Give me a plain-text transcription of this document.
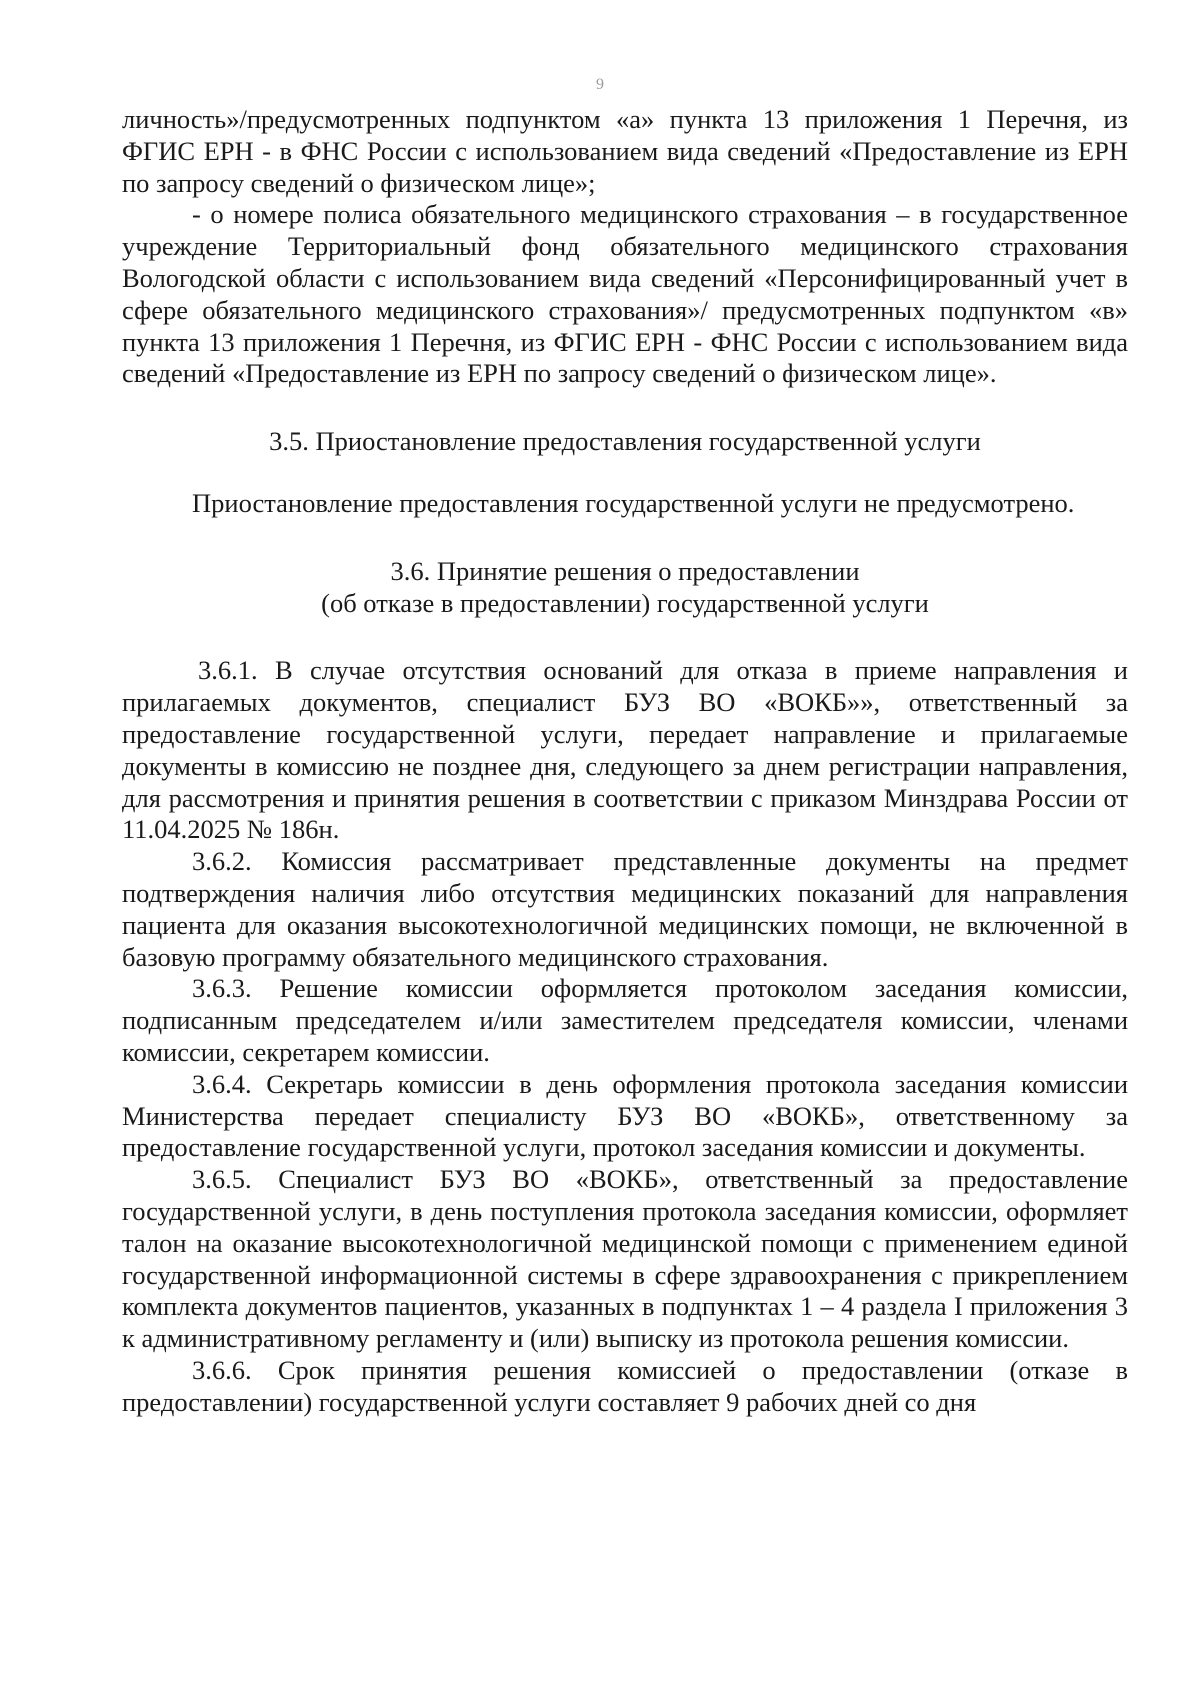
9

личность»/предусмотренных подпунктом «а» пункта 13 приложения 1 Перечня, из ФГИС ЕРН - в ФНС России с использованием вида сведений «Предоставление из ЕРН по запросу сведений о физическом лице»;

- о номере полиса обязательного медицинского страхования – в государственное учреждение Территориальный фонд обязательного медицинского страхования Вологодской области с использованием вида сведений «Персонифицированный учет в сфере обязательного медицинского страхования»/ предусмотренных подпунктом «в» пункта 13 приложения 1 Перечня, из ФГИС ЕРН - ФНС России с использованием вида сведений «Предоставление из ЕРН по запросу сведений о физическом лице».

3.5. Приостановление предоставления государственной услуги

Приостановление предоставления государственной услуги не предусмотрено.

3.6. Принятие решения о предоставлении

(об отказе в предоставлении) государственной услуги

3.6.1. В случае отсутствия оснований для отказа в приеме направления и прилагаемых документов, специалист БУЗ ВО «ВОКБ»», ответственный за предоставление государственной услуги, передает направление и прилагаемые документы в комиссию не позднее дня, следующего за днем регистрации направления, для рассмотрения и принятия решения в соответствии с приказом Минздрава России от 11.04.2025 № 186н.

3.6.2. Комиссия рассматривает представленные документы на предмет подтверждения наличия либо отсутствия медицинских показаний для направления пациента для оказания высокотехнологичной медицинских помощи, не включенной в базовую программу обязательного медицинского страхования.

3.6.3. Решение комиссии оформляется протоколом заседания комиссии, подписанным председателем и/или заместителем председателя комиссии, членами комиссии, секретарем комиссии.

3.6.4. Секретарь комиссии в день оформления протокола заседания комиссии Министерства передает специалисту БУЗ ВО «ВОКБ», ответственному за предоставление государственной услуги, протокол заседания комиссии и документы.

3.6.5. Специалист БУЗ ВО «ВОКБ», ответственный за предоставление государственной услуги, в день поступления протокола заседания комиссии, оформляет талон на оказание высокотехнологичной медицинской помощи с применением единой государственной информационной системы в сфере здравоохранения с прикреплением комплекта документов пациентов, указанных в подпунктах 1 – 4 раздела I приложения 3 к административному регламенту и (или) выписку из протокола решения комиссии.

3.6.6. Срок принятия решения комиссией о предоставлении (отказе в предоставлении) государственной услуги составляет 9 рабочих дней со дня
